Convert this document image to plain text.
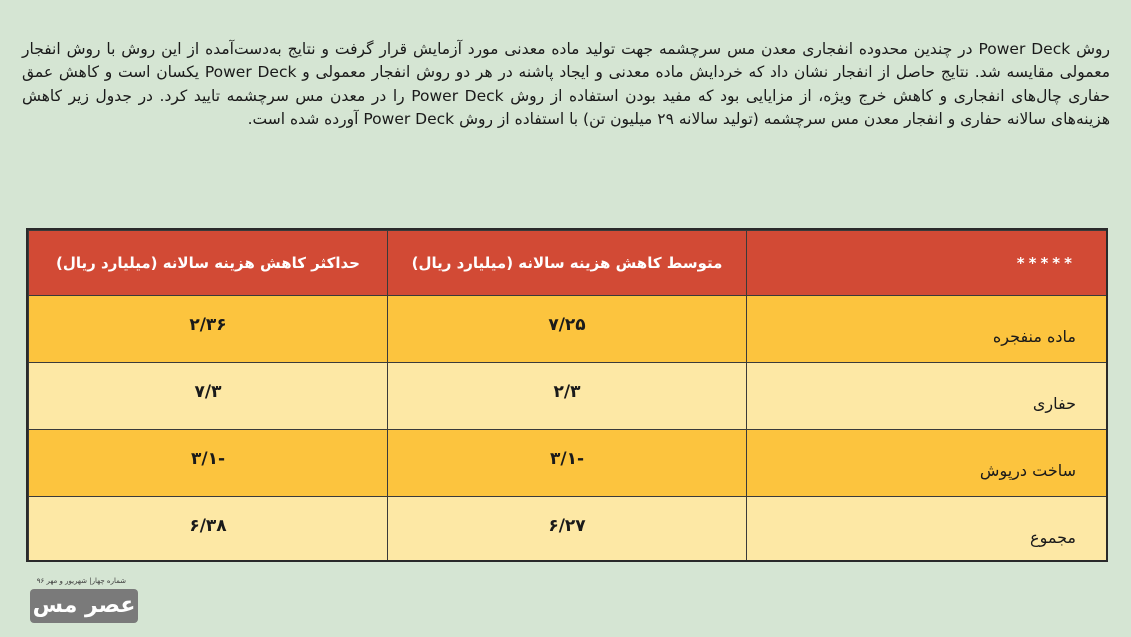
روش Power Deck در چندین محدوده انفجاری معدن مس سرچشمه جهت تولید ماده معدنی مورد آزمایش قرار گرفت و نتایج به‌دست‌آمده از این روش با روش انفجار معمولی مقایسه شد. نتایج حاصل از انفجار نشان داد که خردایش ماده معدنی و ایجاد پاشنه در هر دو روش انفجار معمولی و Power Deck یکسان است و کاهش عمق حفاری چال‌های انفجاری و کاهش خرج ویژه، از مزایایی بود که مفید بودن استفاده از روش Power Deck را در معدن مس سرچشمه تایید کرد. در جدول زیر کاهش هزینه‌های سالانه حفاری و انفجار معدن مس سرچشمه (تولید سالانه ۲۹ میلیون تن) با استفاده از روش Power Deck آورده شده است.

*****	متوسط کاهش هزینه سالانه (میلیارد ریال)	حداکثر کاهش هزینه سالانه (میلیارد ریال)
ماده منفجره	۷/۲۵	۲/۳۶
حفاری	۲/۳	۷/۳
ساخت درپوش	-۳/۱	-۳/۱
مجموع	۶/۲۷	۶/۳۸
شماره چهار| شهریور و مهر ۹۶
عصر مس
